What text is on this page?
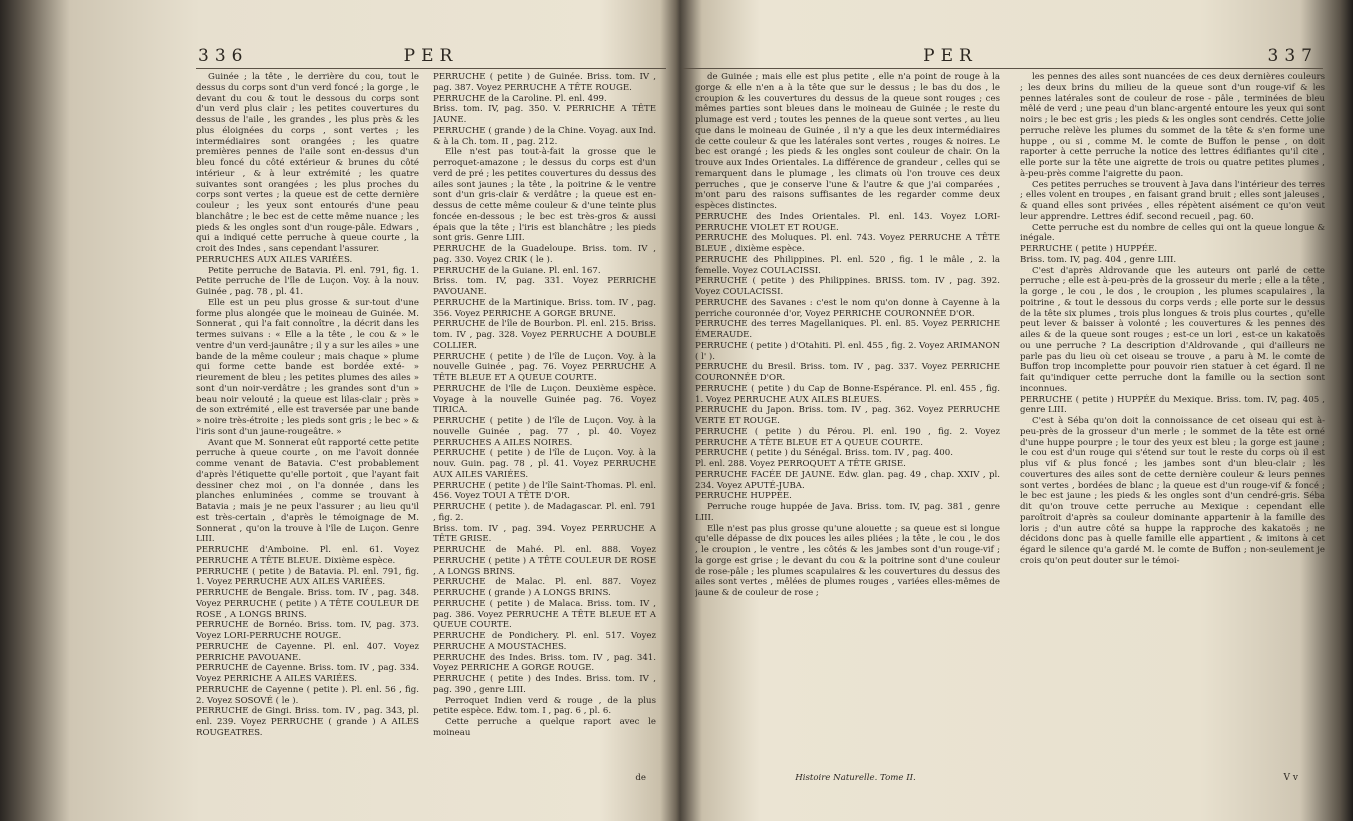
336	PER

Guinée ; la tête , le derrière du cou, tout le dessus du corps sont d'un verd foncé ; la gorge , le devant du cou & tout le dessous du corps sont d'un verd plus clair ; les petites couvertures du dessus de l'aile , les grandes , les plus près & les plus éloignées du corps , sont vertes ; les intermédiaires sont orangées ; les quatre premières pennes de l'aile sont en-dessus d'un bleu foncé du côté extérieur & brunes du côté intérieur , & à leur extrémité ; les quatre suivantes sont orangées ; les plus proches du corps sont vertes ; la queue est de cette dernière couleur ; les yeux sont entourés d'une peau blanchâtre ; le bec est de cette même nuance ; les pieds & les ongles sont d'un rouge-pâle. Edwars , qui a indiqué cette perruche à queue courte , la croit des Indes , sans cependant l'assurer.

PERRUCHES AUX AILES VARIÉES.

Petite perruche de Batavia. Pl. enl. 791, fig. 1. Petite perruche de l'île de Luçon. Voy. à la nouv. Guinée , pag. 78 , pl. 41.

Elle est un peu plus grosse & sur-tout d'une forme plus alongée que le moineau de Guinée. M. Sonnerat , qui l'a fait connoître , la décrit dans les termes suivans : « Elle a la tête , le cou & » le ventre d'un verd-jaunâtre ; il y a sur les ailes » une bande de la même couleur ; mais chaque » plume qui forme cette bande est bordée exté- » rieurement de bleu ; les petites plumes des ailes » sont d'un noir-verdâtre ; les grandes sont d'un » beau noir velouté ; la queue est lilas-clair ; près » de son extrémité , elle est traversée par une bande » noire très-étroite ; les pieds sont gris ; le bec » & l'iris sont d'un jaune-rougeâtre. »

Avant que M. Sonnerat eût rapporté cette petite perruche à queue courte , on me l'avoit donnée comme venant de Batavia. C'est probablement d'après l'étiquette qu'elle portoit , que l'ayant fait dessiner chez moi , on l'a donnée , dans les planches enluminées , comme se trouvant à Batavia ; mais je ne peux l'assurer ; au lieu qu'il est très-certain , d'après le témoignage de M. Sonnerat , qu'on la trouve à l'île de Luçon. Genre LIII.

PERRUCHE d'Amboine. Pl. enl. 61. Voyez PERRUCHE A TÊTE BLEUE. Dixième espèce.

PERRUCHE ( petite ) de Batavia. Pl. enl. 791, fig. 1. Voyez PERRUCHE AUX AILES VARIÉES.

PERRUCHE de Bengale. Briss. tom. IV , pag. 348. Voyez PERRUCHE ( petite ) A TÊTE COULEUR DE ROSE , A LONGS BRINS.

PERRUCHE de Bornéo. Briss. tom. IV, pag. 373. Voyez LORI-PERRUCHE ROUGE.

PERRUCHE de Cayenne. Pl. enl. 407. Voyez PERRICHE PAVOUANE.

PERRUCHE de Cayenne. Briss. tom. IV , pag. 334. Voyez PERRICHE A AILES VARIÉES.

PERRUCHE de Cayenne ( petite ). Pl. enl. 56 , fig. 2. Voyez SOSOVÉ ( le ).

PERRUCHE de Gingi. Briss. tom. IV , pag. 343, pl. enl. 239. Voyez PERRUCHE ( grande ) A AILES ROUGEATRES.

PERRUCHE ( petite ) de Guinée. Briss. tom. IV , pag. 387. Voyez PERRUCHE A TÊTE ROUGE.

PERRUCHE de la Caroline. Pl. enl. 499.

Briss. tom. IV, pag. 350. V. PERRICHE A TÊTE JAUNE.

PERRUCHE ( grande ) de la Chine. Voyag. aux Ind. & à la Ch. tom. II , pag. 212.

Elle n'est pas tout-à-fait la grosse que le perroquet-amazone ; le dessus du corps est d'un verd de pré ; les petites couvertures du dessus des ailes sont jaunes ; la tête , la poitrine & le ventre sont d'un gris-clair & verdâtre ; la queue est en-dessus de cette même couleur & d'une teinte plus foncée en-dessous ; le bec est très-gros & aussi épais que la tête ; l'iris est blanchâtre ; les pieds sont gris. Genre LIII.

PERRUCHE de la Guadeloupe. Briss. tom. IV , pag. 330. Voyez CRIK ( le ).

PERRUCHE de la Guiane. Pl. enl. 167.

Briss. tom. IV, pag. 331. Voyez PERRICHE PAVOUANE.

PERRUCHE de la Martinique. Briss. tom. IV , pag. 356. Voyez PERRICHE A GORGE BRUNE.

PERRUCHE de l'île de Bourbon. Pl. enl. 215. Briss. tom. IV , pag. 328. Voyez PERRUCHE A DOUBLE COLLIER.

PERRUCHE ( petite ) de l'île de Luçon. Voy. à la nouvelle Guinée , pag. 76. Voyez PERRUCHE A TÊTE BLEUE ET A QUEUE COURTE.

PERRUCHE de l'île de Luçon. Deuxième espèce. Voyage à la nouvelle Guinée pag. 76. Voyez TIRICA.

PERRUCHE ( petite ) de l'île de Luçon. Voy. à la nouvelle Guinée , pag. 77 , pl. 40. Voyez PERRUCHES A AILES NOIRES.

PERRUCHE ( petite ) de l'île de Luçon. Voy. à la nouv. Guin. pag. 78 , pl. 41. Voyez PERRUCHE AUX AILES VARIÉES.

PERRUCHE ( petite ) de l'île Saint-Thomas. Pl. enl. 456. Voyez TOUI A TÊTE D'OR.

PERRUCHE ( petite ). de Madagascar. Pl. enl. 791 , fig. 2.

Briss. tom. IV , pag. 394. Voyez PERRUCHE A TÊTE GRISE.

PERRUCHE de Mahé. Pl. enl. 888. Voyez PERRUCHE ( petite ) A TÊTE COULEUR DE ROSE , A LONGS BRINS.

PERRUCHE de Malac. Pl. enl. 887. Voyez PERRUCHE ( grande ) A LONGS BRINS.

PERRUCHE ( petite ) de Malaca. Briss. tom. IV , pag. 386. Voyez PERRUCHE A TÊTE BLEUE ET A QUEUE COURTE.

PERRUCHE de Pondichery. Pl. enl. 517. Voyez PERRUCHE A MOUSTACHES.

PERRUCHE des Indes. Briss. tom. IV , pag. 341. Voyez PERRICHE A GORGE ROUGE.

PERRUCHE ( petite ) des Indes. Briss. tom. IV , pag. 390 , genre LIII.

Perroquet Indien verd & rouge , de la plus petite espèce. Edw. tom. I , pag. 6 , pl. 6.

Cette perruche a quelque raport avec le moineau

de
PER	337

de Guinée ; mais elle est plus petite , elle n'a point de rouge à la gorge & elle n'en a à la tête que sur le dessus ; le bas du dos , le croupion & les couvertures du dessus de la queue sont rouges ; ces mêmes parties sont bleues dans le moineau de Guinée ; le reste du plumage est verd ; toutes les pennes de la queue sont vertes , au lieu que dans le moineau de Guinée , il n'y a que les deux intermédiaires de cette couleur & que les latérales sont vertes , rouges & noires. Le bec est orangé ; les pieds & les ongles sont couleur de chair. On la trouve aux Indes Orientales. La différence de grandeur , celles qui se remarquent dans le plumage , les climats où l'on trouve ces deux perruches , que je conserve l'une & l'autre & que j'ai comparées , m'ont paru des raisons suffisantes de les regarder comme deux espèces distinctes.

PERRUCHE des Indes Orientales. Pl. enl. 143. Voyez LORI-PERRUCHE VIOLET ET ROUGE.

PERRUCHE des Moluques. Pl. enl. 743. Voyez PERRUCHE A TÊTE BLEUE , dixième espèce.

PERRUCHE des Philippines. Pl. enl. 520 , fig. 1 le mâle , 2. la femelle. Voyez COULACISSI.

PERRUCHE ( petite ) des Philippines. BRISS. tom. IV , pag. 392. Voyez COULACISSI.

PERRUCHE des Savanes : c'est le nom qu'on donne à Cayenne à la perriche couronnée d'or, Voyez PERRICHE COURONNÉE D'OR.

PERRUCHE des terres Magellaniques. Pl. enl. 85. Voyez PERRICHE ÉMERAUDE.

PERRUCHE ( petite ) d'Otahiti. Pl. enl. 455 , fig. 2. Voyez ARIMANON ( l' ).

PERRUCHE du Bresil. Briss. tom. IV , pag. 337. Voyez PERRICHE COURONNÉE D'OR.

PERRUCHE ( petite ) du Cap de Bonne-Espérance. Pl. enl. 455 , fig. 1. Voyez PERRUCHE AUX AILES BLEUES.

PERRUCHE du Japon. Briss. tom. IV , pag. 362. Voyez PERRUCHE VERTE ET ROUGE.

PERRUCHE ( petite ) du Pérou. Pl. enl. 190 , fig. 2. Voyez PERRUCHE A TÊTE BLEUE ET A QUEUE COURTE.

PERRUCHE ( petite ) du Sénégal. Briss. tom. IV , pag. 400.

Pl. enl. 288. Voyez PERROQUET A TÊTE GRISE.

PERRUCHE FACÉE DE JAUNE. Edw. glan. pag. 49 , chap. XXIV , pl. 234. Voyez APUTÉ-JUBA.

PERRUCHE HUPPÉE.

Perruche rouge huppée de Java. Briss. tom. IV, pag. 381 , genre LIII.

Elle n'est pas plus grosse qu'une alouette ; sa queue est si longue qu'elle dépasse de dix pouces les ailes pliées ; la tête , le cou , le dos , le croupion , le ventre , les côtés & les jambes sont d'un rouge-vif ; la gorge est grise ; le devant du cou & la poitrine sont d'une couleur de rose-pâle ; les plumes scapulaires & les couvertures du dessus des ailes sont vertes , mêlées de plumes rouges , variées elles-mêmes de jaune & de couleur de rose ;

les pennes des ailes sont nuancées de ces deux dernières couleurs ; les deux brins du milieu de la queue sont d'un rouge-vif & les pennes latérales sont de couleur de rose - pâle , terminées de bleu mêlé de verd ; une peau d'un blanc-argenté entoure les yeux qui sont noirs ; le bec est gris ; les pieds & les ongles sont cendrés. Cette jolie perruche relève les plumes du sommet de la tête & s'en forme une huppe , ou si , comme M. le comte de Buffon le pense , on doit raporter à cette perruche la notice des lettres édifiantes qu'il cite , elle porte sur la tête une aigrette de trois ou quatre petites plumes , à-peu-près comme l'aigrette du paon.

Ces petites perruches se trouvent à Java dans l'intérieur des terres ; elles volent en troupes , en faisant grand bruit ; elles sont jaleuses , & quand elles sont privées , elles répètent aisément ce qu'on veut leur apprendre. Lettres édif. second recueil , pag. 60.

Cette perruche est du nombre de celles qui ont la queue longue & inégale.

PERRUCHE ( petite ) HUPPÉE.

Briss. tom. IV, pag. 404 , genre LIII.

C'est d'après Aldrovande que les auteurs ont parlé de cette perruche ; elle est à-peu-près de la grosseur du merle ; elle a la tête , la gorge , le cou , le dos , le croupion , les plumes scapulaires , la poitrine , & tout le dessous du corps verds ; elle porte sur le dessus de la tête six plumes , trois plus longues & trois plus courtes , qu'elle peut lever & baisser à volonté ; les couvertures & les pennes des ailes & de la queue sont rouges ; est-ce un lori , est-ce un kakatoës ou une perruche ? La description d'Aldrovande , qui d'ailleurs ne parle pas du lieu où cet oiseau se trouve , a paru à M. le comte de Buffon trop incomplette pour pouvoir rien statuer à cet égard. Il ne fait qu'indiquer cette perruche dont la famille ou la section sont inconnues.

PERRUCHE ( petite ) HUPPÉE du Mexique. Briss. tom. IV, pag. 405 , genre LIII.

C'est à Séba qu'on doit la connoissance de cet oiseau qui est à-peu-près de la grosseur d'un merle ; le sommet de la tête est orné d'une huppe pourpre ; le tour des yeux est bleu ; la gorge est jaune ; le cou est d'un rouge qui s'étend sur tout le reste du corps où il est plus vif & plus foncé ; les jambes sont d'un bleu-clair ; les couvertures des ailes sont de cette dernière couleur & leurs pennes sont vertes , bordées de blanc ; la queue est d'un rouge-vif & foncé ; le bec est jaune ; les pieds & les ongles sont d'un cendré-gris. Séba dit qu'on trouve cette perruche au Mexique : cependant elle paroîtroit d'après sa couleur dominante appartenir à la famille des loris ; d'un autre côté sa huppe la rapproche des kakatoës ; ne décidons donc pas à quelle famille elle appartient , & imitons à cet égard le silence qu'a gardé M. le comte de Buffon ; non-seulement je crois qu'on peut douter sur le témoi-

Histoire Naturelle. Tome II.	V v
